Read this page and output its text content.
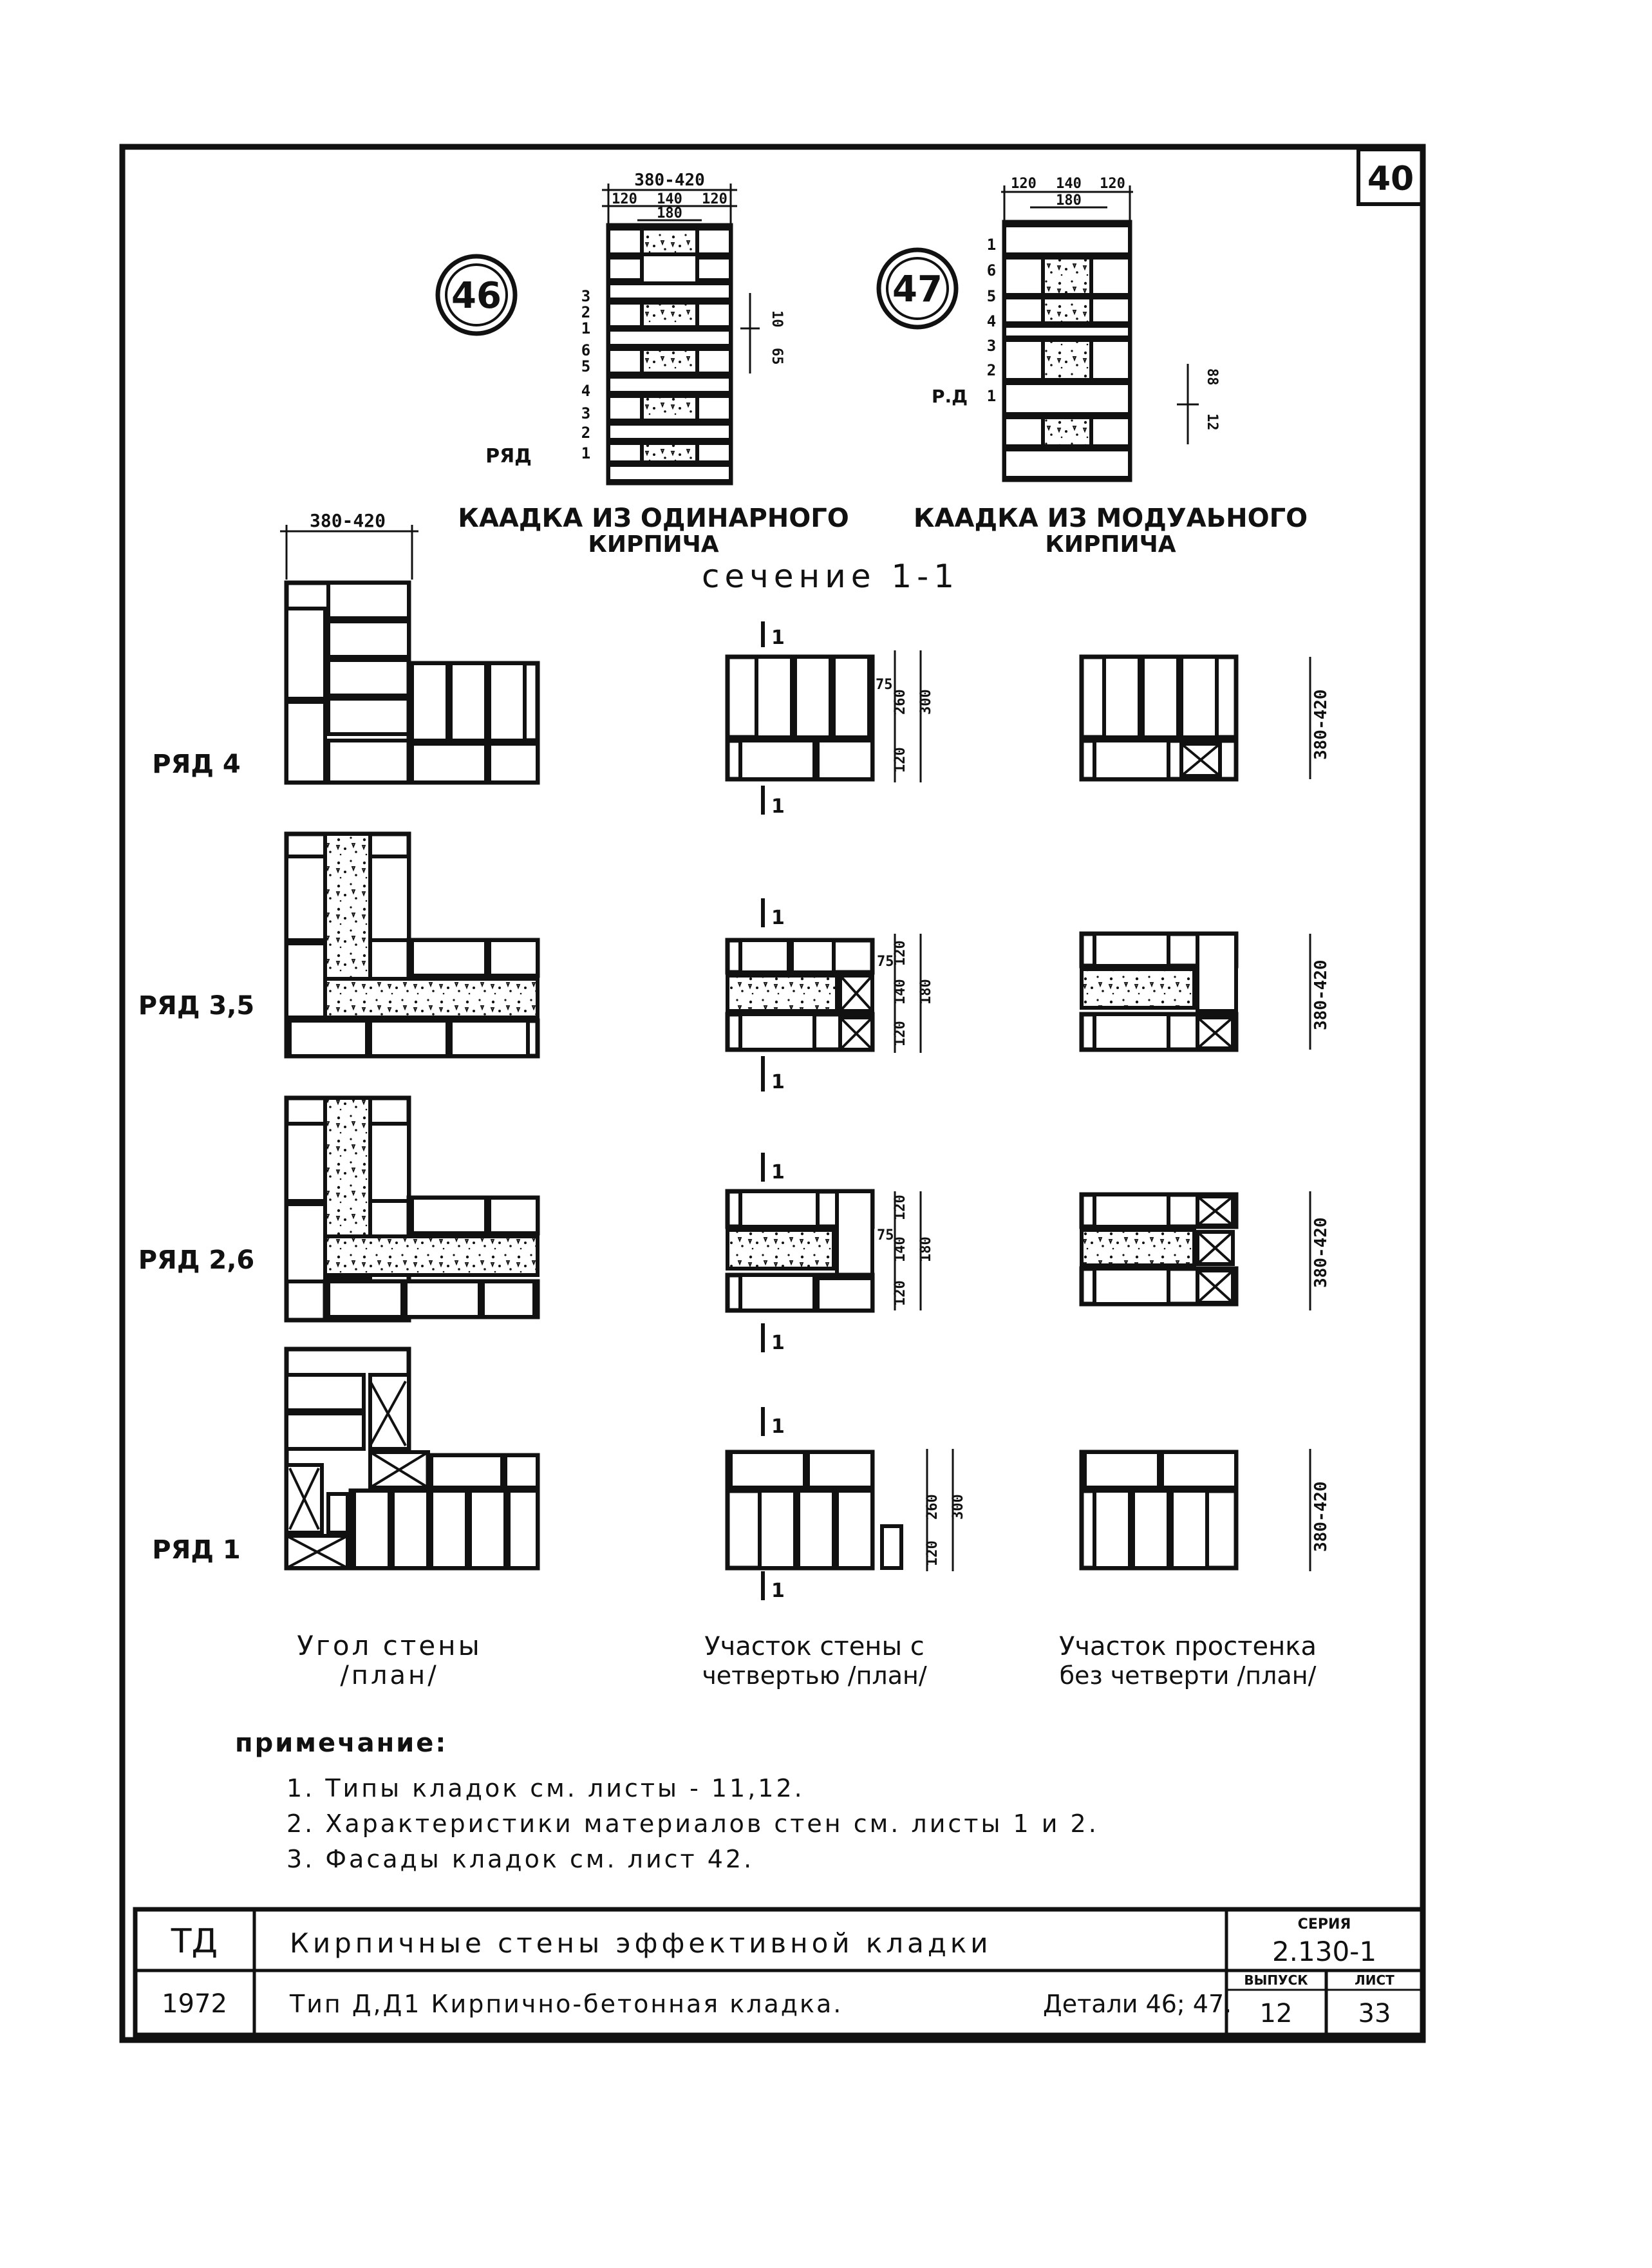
40
46
380-420
120 140 120
180
10
65
3
2
1
6
5
4
3
2
1
РЯД
КААДКА ИЗ ОДИНАРНОГО
КИРПИЧА
47
120 140 120
180
88
12
1
6
5
4
3
2
1
Р.Д
КААДКА ИЗ МОДУАЬНОГО
КИРПИЧА
сечение 1-1
380-420
РЯД 4
1
1
75
260 300
120
380-420
РЯД 3,5
1
1
75
120
140 180
120
380-420
РЯД 2,6
1
1
75
120
140 180
120
380-420
РЯД 1
1
1
260 300
120
380-420
Угол стены
/план/
Участок стены с
четвертью /план/
Участок простенка
без четверти /план/
примечание:
1. Типы кладок см. листы - 11,12.
2. Характеристики материалов стен см. листы 1 и 2.
3. Фасады кладок см. лист 42.
ТД
1972
Кирпичные стены эффективной кладки
Тип Д,Д1 Кирпично-бетонная кладка.	Детали 46; 47.
СЕРИЯ
2.130-1
ВЫПУСК
12
ЛИСТ
33
